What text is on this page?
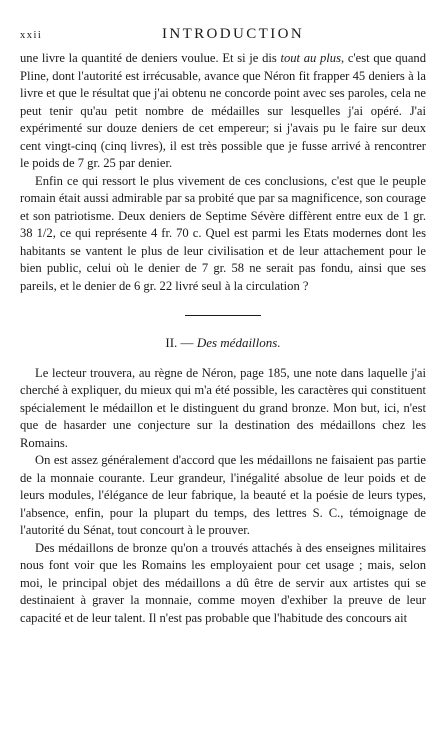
xxii	INTRODUCTION

une livre la quantité de deniers voulue. Et si je dis tout au plus, c'est que quand Pline, dont l'autorité est irrécusable, avance que Néron fit frapper 45 deniers à la livre et que le résultat que j'ai obtenu ne concorde point avec ses paroles, cela ne peut tenir qu'au petit nombre de médailles sur lesquelles j'ai opéré. J'ai expérimenté sur douze deniers de cet empereur; si j'avais pu le faire sur deux cent vingt-cinq (cinq livres), il est très possible que je fusse arrivé à rencontrer le poids de 7 gr. 25 par denier.

Enfin ce qui ressort le plus vivement de ces conclusions, c'est que le peuple romain était aussi admirable par sa probité que par sa magnificence, son courage et son patriotisme. Deux deniers de Septime Sévère diffèrent entre eux de 1 gr. 38 1/2, ce qui représente 4 fr. 70 c. Quel est parmi les Etats modernes dont les habitants se vantent le plus de leur civilisation et de leur attachement pour le bien public, celui où le denier de 7 gr. 58 ne serait pas fondu, ainsi que ses pareils, et le denier de 6 gr. 22 livré seul à la circulation ?

II. — Des médaillons.

Le lecteur trouvera, au règne de Néron, page 185, une note dans laquelle j'ai cherché à expliquer, du mieux qui m'a été possible, les caractères qui constituent spécialement le médaillon et le distinguent du grand bronze. Mon but, ici, n'est que de hasarder une conjecture sur la destination des médaillons chez les Romains.

On est assez généralement d'accord que les médaillons ne faisaient pas partie de la monnaie courante. Leur grandeur, l'inégalité absolue de leur poids et de leurs modules, l'élégance de leur fabrique, la beauté et la poésie de leurs types, l'absence, enfin, pour la plupart du temps, des lettres S. C., témoignage de l'autorité du Sénat, tout concourt à le prouver.

Des médaillons de bronze qu'on a trouvés attachés à des enseignes militaires nous font voir que les Romains les employaient pour cet usage ; mais, selon moi, le principal objet des médaillons a dû être de servir aux artistes qui se destinaient à graver la monnaie, comme moyen d'exhiber la preuve de leur capacité et de leur talent. Il n'est pas probable que l'habitude des concours ait
